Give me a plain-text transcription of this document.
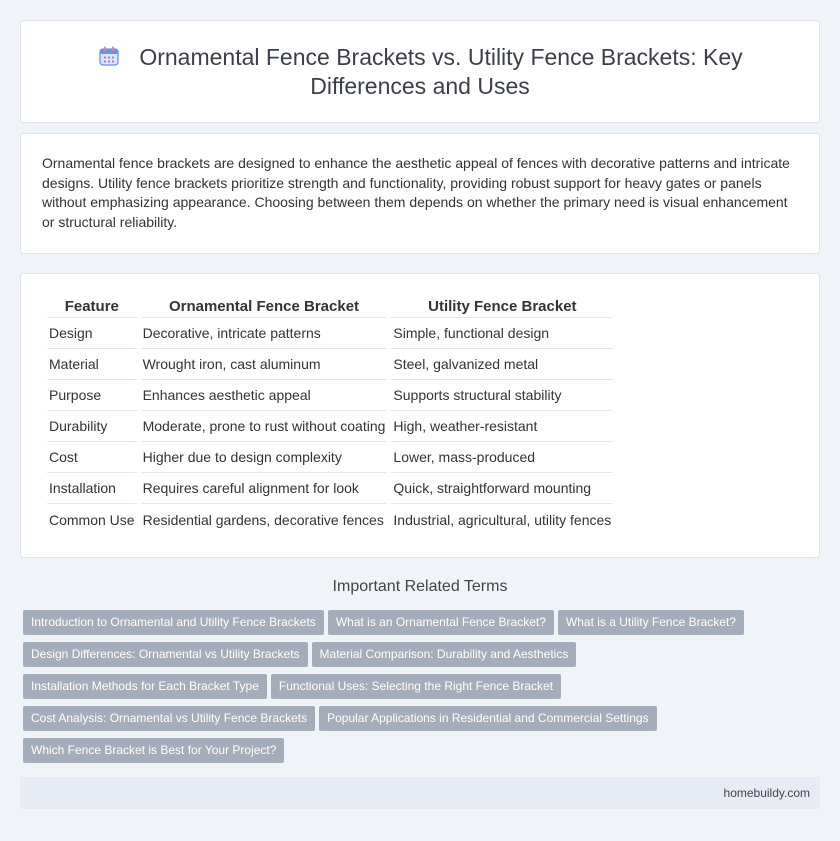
Ornamental Fence Brackets vs. Utility Fence Brackets: Key Differences and Uses

Ornamental fence brackets are designed to enhance the aesthetic appeal of fences with decorative patterns and intricate designs. Utility fence brackets prioritize strength and functionality, providing robust support for heavy gates or panels without emphasizing appearance. Choosing between them depends on whether the primary need is visual enhancement or structural reliability.

Feature	Ornamental Fence Bracket	Utility Fence Bracket
Design	Decorative, intricate patterns	Simple, functional design
Material	Wrought iron, cast aluminum	Steel, galvanized metal
Purpose	Enhances aesthetic appeal	Supports structural stability
Durability	Moderate, prone to rust without coating	High, weather-resistant
Cost	Higher due to design complexity	Lower, mass-produced
Installation	Requires careful alignment for look	Quick, straightforward mounting
Common Use	Residential gardens, decorative fences	Industrial, agricultural, utility fences
Important Related Terms
Introduction to Ornamental and Utility Fence Brackets What is an Ornamental Fence Bracket? What is a Utility Fence Bracket?
Design Differences: Ornamental vs Utility Brackets Material Comparison: Durability and Aesthetics
Installation Methods for Each Bracket Type Functional Uses: Selecting the Right Fence Bracket
Cost Analysis: Ornamental vs Utility Fence Brackets Popular Applications in Residential and Commercial Settings
Which Fence Bracket is Best for Your Project?
homebuildy.com
